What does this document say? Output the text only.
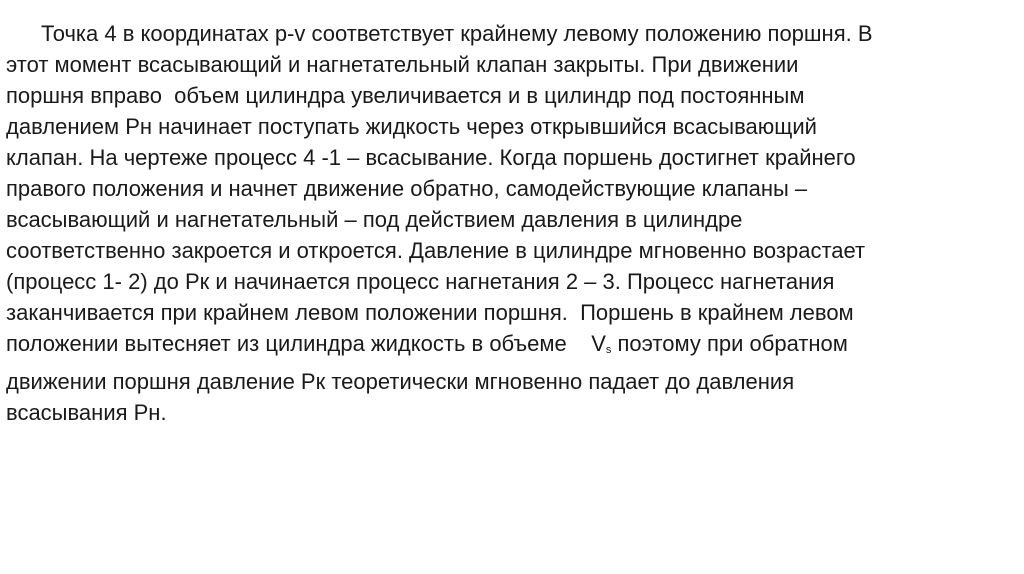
Точка 4 в координатах p-v соответствует крайнему левому положению поршня. В
этот момент всасывающий и нагнетательный клапан закрыты. При движении
поршня вправо  объем цилиндра увеличивается и в цилиндр под постоянным
давлением Рн начинает поступать жидкость через открывшийся всасывающий
клапан. На чертеже процесс 4 -1 – всасывание. Когда поршень достигнет крайнего
правого положения и начнет движение обратно, самодействующие клапаны –
всасывающий и нагнетательный – под действием давления в цилиндре
соответственно закроется и откроется. Давление в цилиндре мгновенно возрастает
(процесс 1- 2) до Рк и начинается процесс нагнетания 2 – 3. Процесс нагнетания
заканчивается при крайнем левом положении поршня.  Поршень в крайнем левом
положении вытесняет из цилиндра жидкость в объеме    Vs поэтому при обратном
движении поршня давление Рк теоретически мгновенно падает до давления
всасывания Рн.
